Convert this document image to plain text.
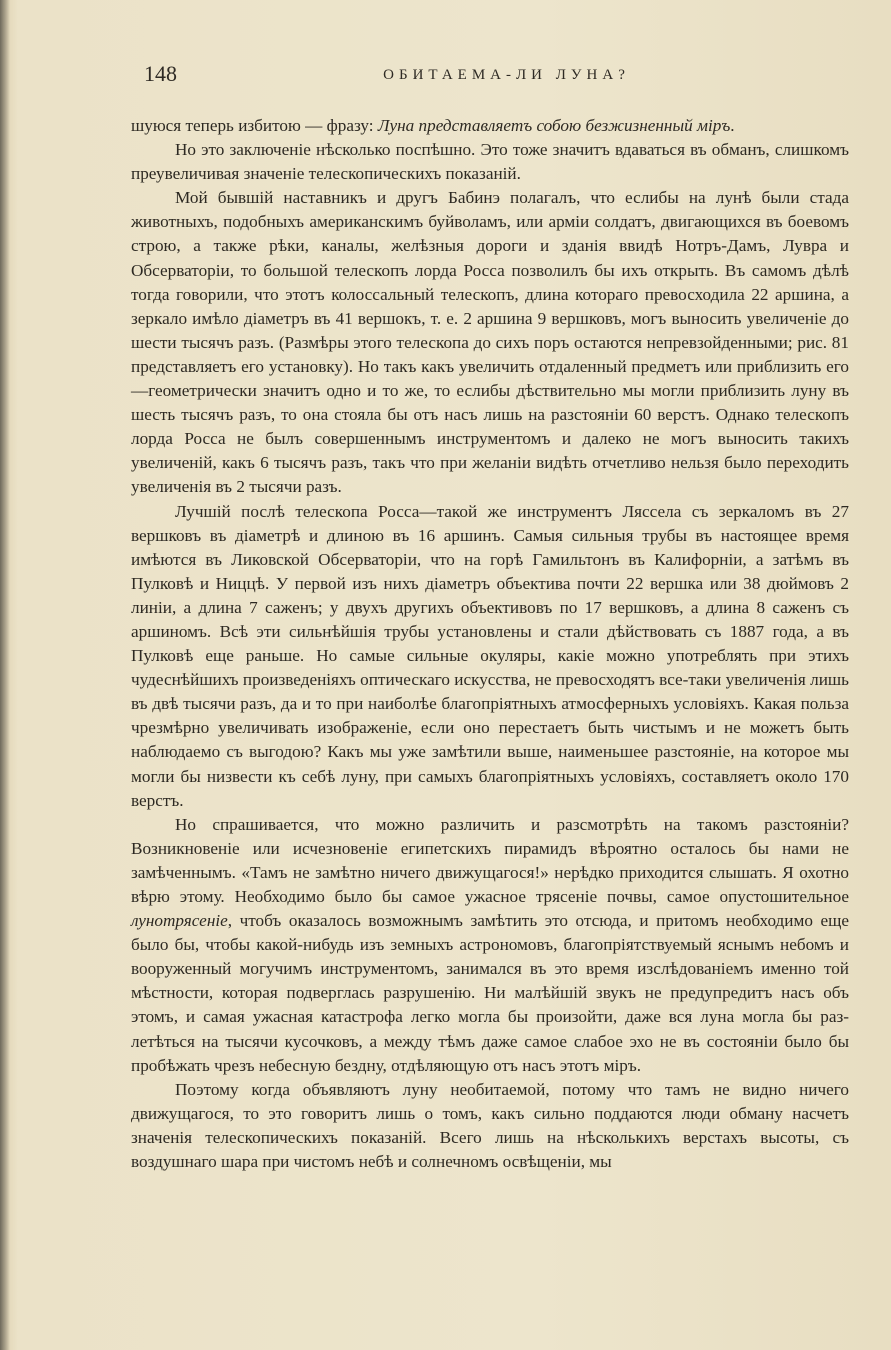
148	ОБИТАЕМА-ЛИ ЛУНА?

шуюся теперь избитою — фразу: Луна представляетъ собою безжизненный міръ.

Но это заключеніе нѣсколько поспѣшно. Это тоже значитъ вдаваться въ обманъ, слишкомъ преувеличивая значеніе телескопическихъ показаній.

Мой бывшій наставникъ и другъ Бабинэ полагалъ, что еслибы на лунѣ были стада животныхъ, подобныхъ американскимъ буйволамъ, или арміи солдатъ, двигающихся въ боевомъ строю, а также рѣки, каналы, желѣзныя дороги и зданія ввидѣ Нотръ-Дамъ, Лувра и Обсерваторіи, то большой телескопъ лорда Росса позволилъ бы ихъ открыть. Въ самомъ дѣлѣ тогда говорили, что этотъ колоссальный телескопъ, длина котораго превосходила 22 аршина, а зеркало имѣло діаметръ въ 41 вершокъ, т. е. 2 аршина 9 вершковъ, могъ выносить увеличеніе до шести тысячъ разъ. (Размѣры этого телескопа до сихъ поръ остаются непревзойденными; рис. 81 представляетъ его установку). Но такъ какъ увеличить отдаленный предметъ или приблизить его—геометрически значитъ одно и то же, то еслибы дѣствительно мы могли приблизить луну въ шесть тысячъ разъ, то она стояла бы отъ насъ лишь на разстояніи 60 верстъ. Однако телескопъ лорда Росса не былъ совершеннымъ инструментомъ и далеко не могъ выносить такихъ увеличеній, какъ 6 тысячъ разъ, такъ что при желаніи видѣть отчетливо нельзя было переходить увеличенія въ 2 тысячи разъ.

Лучшій послѣ телескопа Росса—такой же инструментъ Ляссела съ зеркаломъ въ 27 вершковъ въ діаметрѣ и длиною въ 16 аршинъ. Самыя сильныя трубы въ настоящее время имѣются въ Ликовской Обсерваторіи, что на горѣ Гамильтонъ въ Калифорніи, а затѣмъ въ Пулковѣ и Ниццѣ. У первой изъ нихъ діаметръ объектива почти 22 вершка или 38 дюймовъ 2 линіи, а длина 7 саженъ; у двухъ другихъ объективовъ по 17 вершковъ, а длина 8 саженъ съ аршиномъ. Всѣ эти сильнѣйшія трубы установлены и стали дѣйствовать съ 1887 года, а въ Пулковѣ еще раньше. Но самые сильные окуляры, какіе можно употреблять при этихъ чудеснѣйшихъ произведеніяхъ оптическаго искусства, не превосходятъ все-таки увеличенія лишь въ двѣ тысячи разъ, да и то при наиболѣе благопріятныхъ атмосферныхъ условіяхъ. Какая польза чрезмѣрно увеличивать изображеніе, если оно перестаетъ быть чистымъ и не можетъ быть наблюдаемо съ выгодою? Какъ мы уже замѣтили выше, наименьшее разстояніе, на которое мы могли бы низвести къ себѣ луну, при самыхъ благопріятныхъ условіяхъ, составляетъ около 170 верстъ.

Но спрашивается, что можно различить и разсмотрѣть на такомъ разстояніи? Возникновеніе или исчезновеніе египетскихъ пирамидъ вѣроятно осталось бы нами не замѣченнымъ. «Тамъ не замѣтно ничего движущагося!» нерѣдко приходится слышать. Я охотно вѣрю этому. Необходимо было бы самое ужасное трясеніе почвы, самое опустошительное лунотрясеніе, чтобъ оказалось возможнымъ замѣтить это отсюда, и притомъ необходимо еще было бы, чтобы какой-нибудь изъ земныхъ астрономовъ, благопріятствуемый яснымъ небомъ и вооруженный могучимъ инструментомъ, занимался въ это время изслѣдованіемъ именно той мѣстности, которая подверглась разрушенію. Ни малѣйшій звукъ не предупредитъ насъ объ этомъ, и самая ужасная катастрофа легко могла бы произойти, даже вся луна могла бы разлетѣться на тысячи кусочковъ, а между тѣмъ даже самое слабое эхо не въ состояніи было бы пробѣжать чрезъ небесную бездну, отдѣляющую отъ насъ этотъ міръ.

Поэтому когда объявляютъ луну необитаемой, потому что тамъ не видно ничего движущагося, то это говоритъ лишь о томъ, какъ сильно поддаются люди обману насчетъ значенія телескопическихъ показаній. Всего лишь на нѣсколькихъ верстахъ высоты, съ воздушнаго шара при чистомъ небѣ и солнечномъ освѣщеніи, мы
